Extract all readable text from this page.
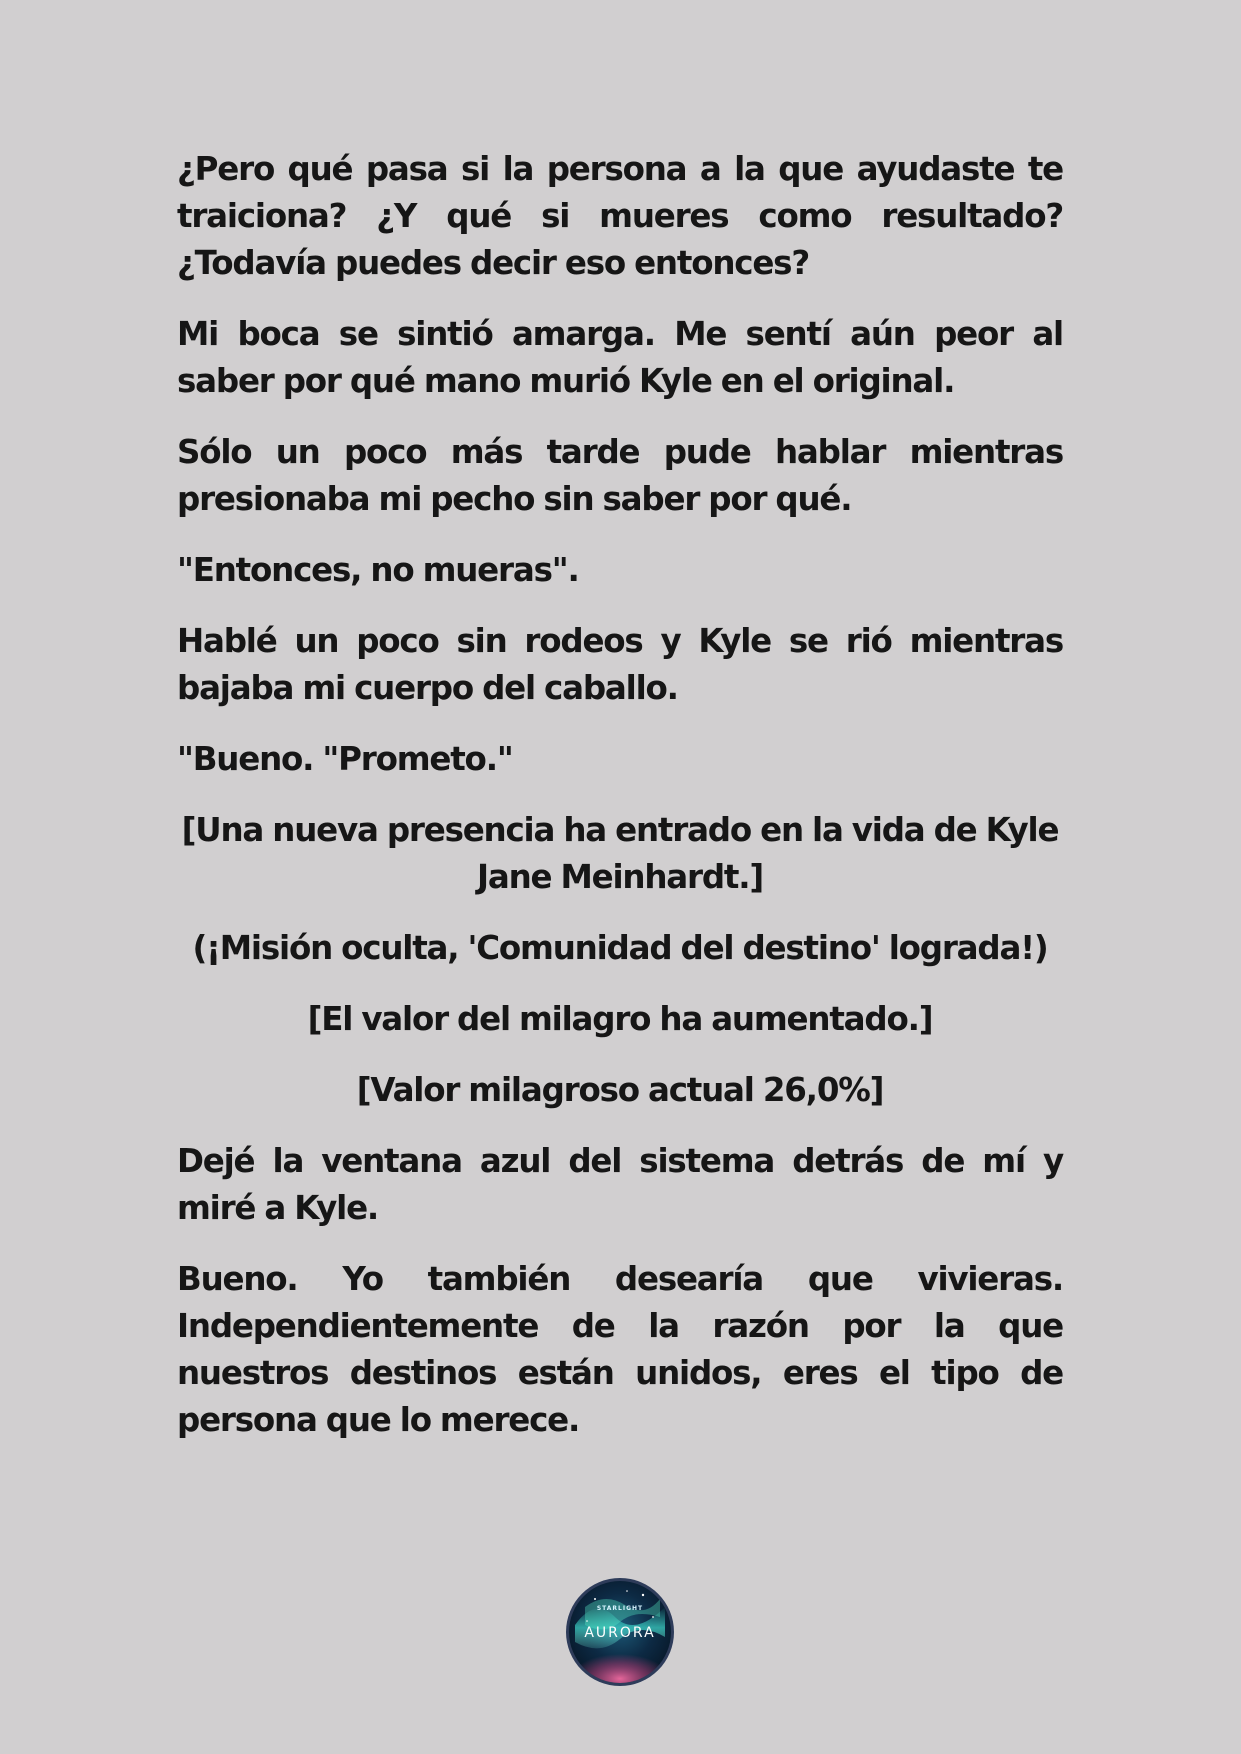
¿Pero qué pasa si la persona a la que ayudaste te traiciona? ¿Y qué si mueres como resultado? ¿Todavía puedes decir eso entonces?

Mi boca se sintió amarga. Me sentí aún peor al saber por qué mano murió Kyle en el original.

Sólo un poco más tarde pude hablar mientras presionaba mi pecho sin saber por qué.

"Entonces, no mueras".

Hablé un poco sin rodeos y Kyle se rió mientras bajaba mi cuerpo del caballo.

"Bueno. "Prometo."

[Una nueva presencia ha entrado en la vida de Kyle Jane Meinhardt.]

(¡Misión oculta, 'Comunidad del destino' lograda!)

[El valor del milagro ha aumentado.]

[Valor milagroso actual 26,0%]

Dejé la ventana azul del sistema detrás de mí y miré a Kyle.

Bueno. Yo también desearía que vivieras. Independientemente de la razón por la que nuestros destinos están unidos, eres el tipo de persona que lo merece.

STARLIGHT
AURORA
